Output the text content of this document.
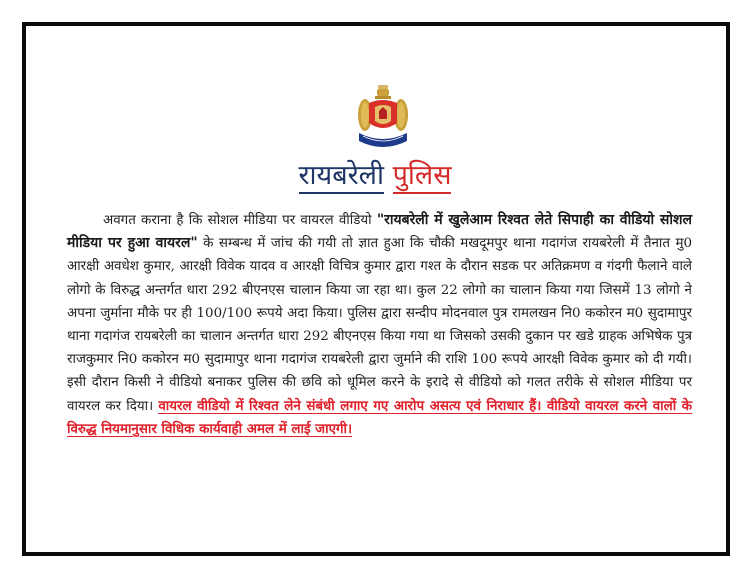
रायबरेली पुलिस
अवगत कराना है कि सोशल मीडिया पर वायरल वीडियो "रायबरेली में खुलेआम रिश्वत लेते सिपाही का वीडियो सोशल मीडिया पर हुआ वायरल" के सम्बन्ध में जांच की गयी तो ज्ञात हुआ कि चौकी मखदूमपुर थाना गदागंज रायबरेली में तैनात मु0 आरक्षी अवधेश कुमार, आरक्षी विवेक यादव व आरक्षी विचित्र कुमार द्वारा गश्त के दौरान सडक पर अतिक्रमण व गंदगी फैलाने वाले लोगो के विरुद्ध अन्तर्गत धारा 292 बीएनएस चालान किया जा रहा था। कुल 22 लोगो का चालान किया गया जिसमें 13 लोगो ने अपना जुर्माना मौके पर ही 100/100 रूपये अदा किया। पुलिस द्वारा सन्दीप मोदनवाल पुत्र रामलखन नि0 ककोरन म0 सुदामापुर थाना गदागंज रायबरेली का चालान अन्तर्गत धारा 292 बीएनएस किया गया था जिसको उसकी दुकान पर खडे ग्राहक अभिषेक पुत्र राजकुमार नि0 ककोरन म0 सुदामापुर थाना गदागंज रायबरेली द्वारा जुर्माने की राशि 100 रूपये आरक्षी विवेक कुमार को दी गयी। इसी दौरान किसी ने वीडियो बनाकर पुलिस की छवि को धूमिल करने के इरादे से वीडियो को गलत तरीके से सोशल मीडिया पर वायरल कर दिया। वायरल वीडियो में रिश्वत लेने संबंधी लगाए गए आरोप असत्य एवं निराधार हैं। वीडियो वायरल करने वालों के विरुद्ध नियमानुसार विधिक कार्यवाही अमल में लाई जाएगी।
